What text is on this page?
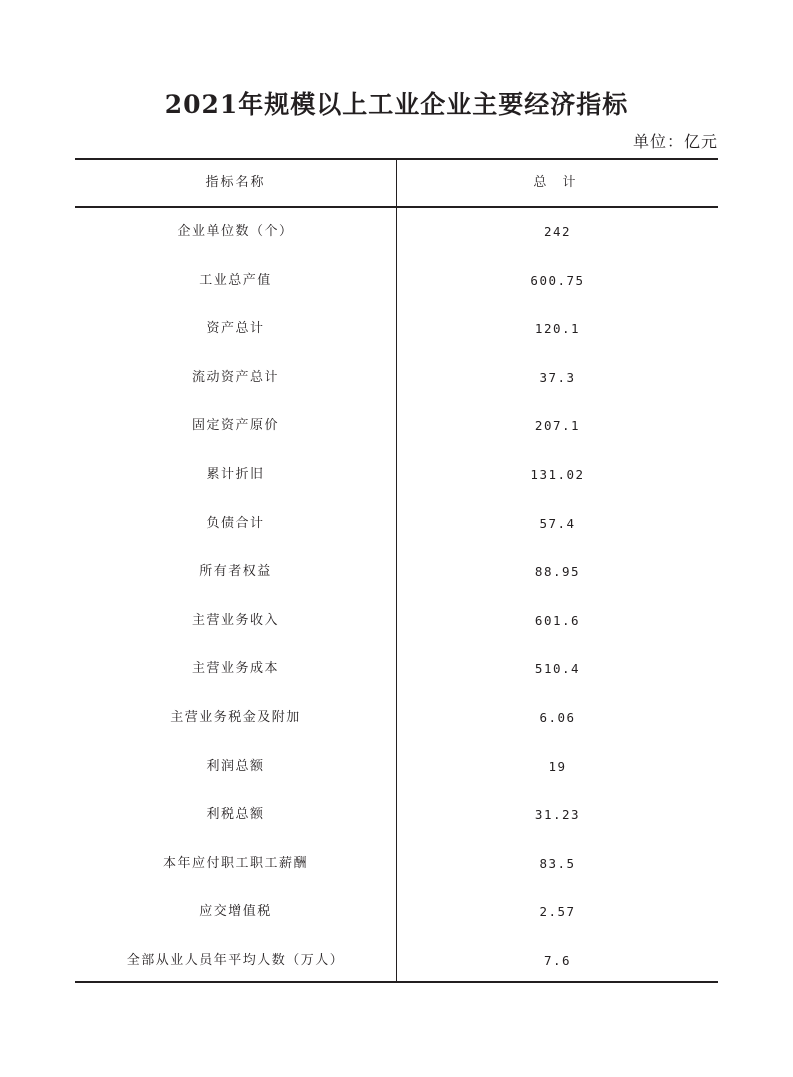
2021年规模以上工业企业主要经济指标
单位：亿元
指标名称	总 计
企业单位数（个）	242
工业总产值	600.75
资产总计	120.1
流动资产总计	37.3
固定资产原价	207.1
累计折旧	131.02
负债合计	57.4
所有者权益	88.95
主营业务收入	601.6
主营业务成本	510.4
主营业务税金及附加	6.06
利润总额	19
利税总额	31.23
本年应付职工职工薪酬	83.5
应交增值税	2.57
全部从业人员年平均人数（万人）	7.6
